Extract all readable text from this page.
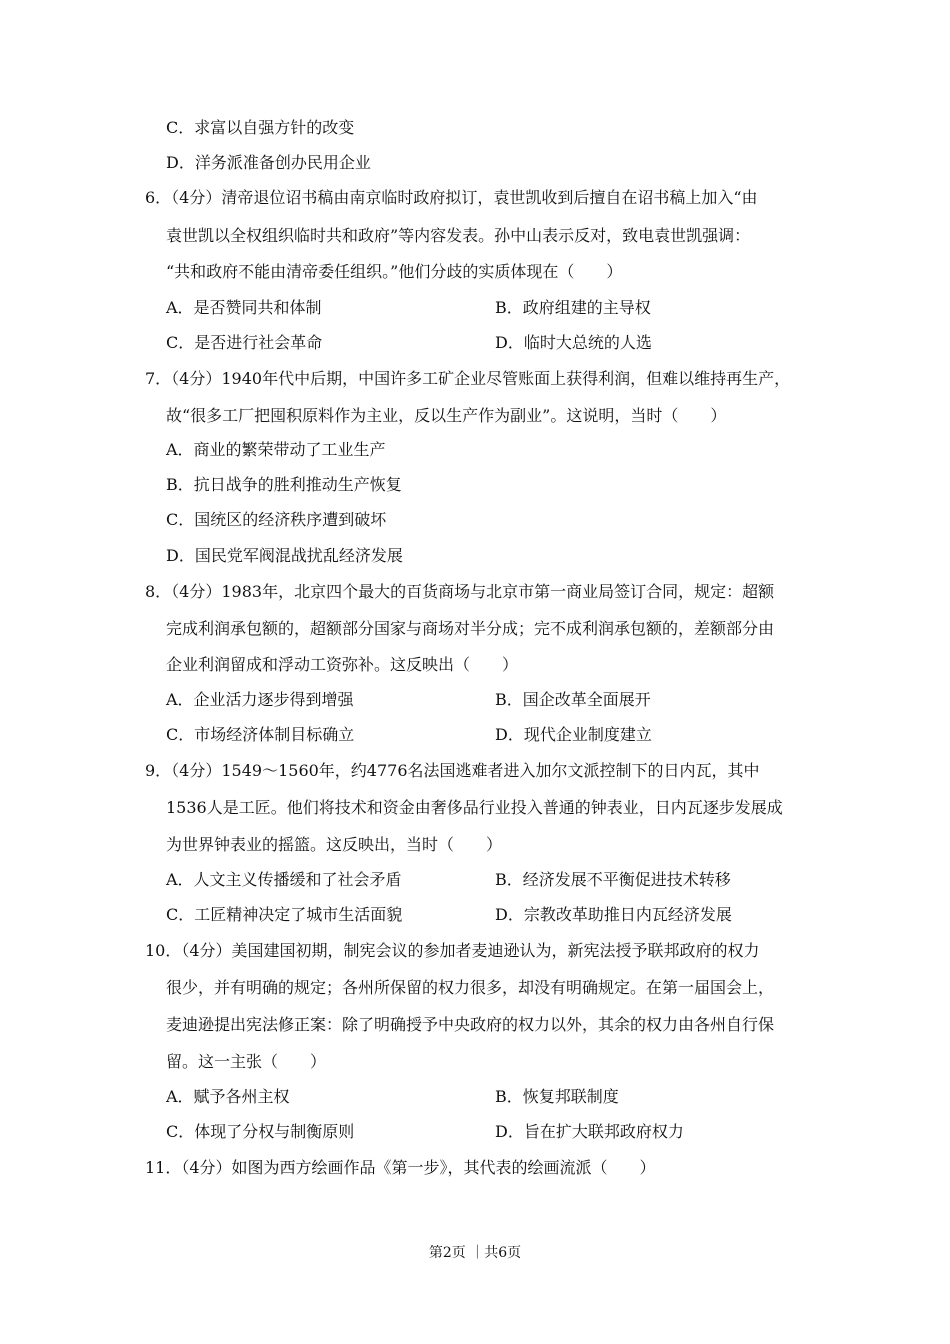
C．求富以自强方针的改变
D．洋务派准备创办民用企业
6．（4分）清帝退位诏书稿由南京临时政府拟订，袁世凯收到后擅自在诏书稿上加入“由
袁世凯以全权组织临时共和政府”等内容发表。孙中山表示反对，致电袁世凯强调：
“共和政府不能由清帝委任组织。”他们分歧的实质体现在（　　）
A．是否赞同共和体制	B．政府组建的主导权
C．是否进行社会革命	D．临时大总统的人选
7．（4分）1940年代中后期，中国许多工矿企业尽管账面上获得利润，但难以维持再生产，
故“很多工厂把囤积原料作为主业，反以生产作为副业”。这说明，当时（　　）
A．商业的繁荣带动了工业生产
B．抗日战争的胜利推动生产恢复
C．国统区的经济秩序遭到破坏
D．国民党军阀混战扰乱经济发展
8．（4分）1983年，北京四个最大的百货商场与北京市第一商业局签订合同，规定：超额
完成利润承包额的，超额部分国家与商场对半分成；完不成利润承包额的，差额部分由
企业利润留成和浮动工资弥补。这反映出（　　）
A．企业活力逐步得到增强	B．国企改革全面展开
C．市场经济体制目标确立	D．现代企业制度建立
9．（4分）1549～1560年，约4776名法国逃难者进入加尔文派控制下的日内瓦，其中
1536人是工匠。他们将技术和资金由奢侈品行业投入普通的钟表业，日内瓦逐步发展成
为世界钟表业的摇篮。这反映出，当时（　　）
A．人文主义传播缓和了社会矛盾	B．经济发展不平衡促进技术转移
C．工匠精神决定了城市生活面貌	D．宗教改革助推日内瓦经济发展
10．（4分）美国建国初期，制宪会议的参加者麦迪逊认为，新宪法授予联邦政府的权力
很少，并有明确的规定；各州所保留的权力很多，却没有明确规定。在第一届国会上，
麦迪逊提出宪法修正案：除了明确授予中央政府的权力以外，其余的权力由各州自行保
留。这一主张（　　）
A．赋予各州主权	B．恢复邦联制度
C．体现了分权与制衡原则	D．旨在扩大联邦政府权力
11．（4分）如图为西方绘画作品《第一步》，其代表的绘画流派（　　）
第2页 ｜共6页
